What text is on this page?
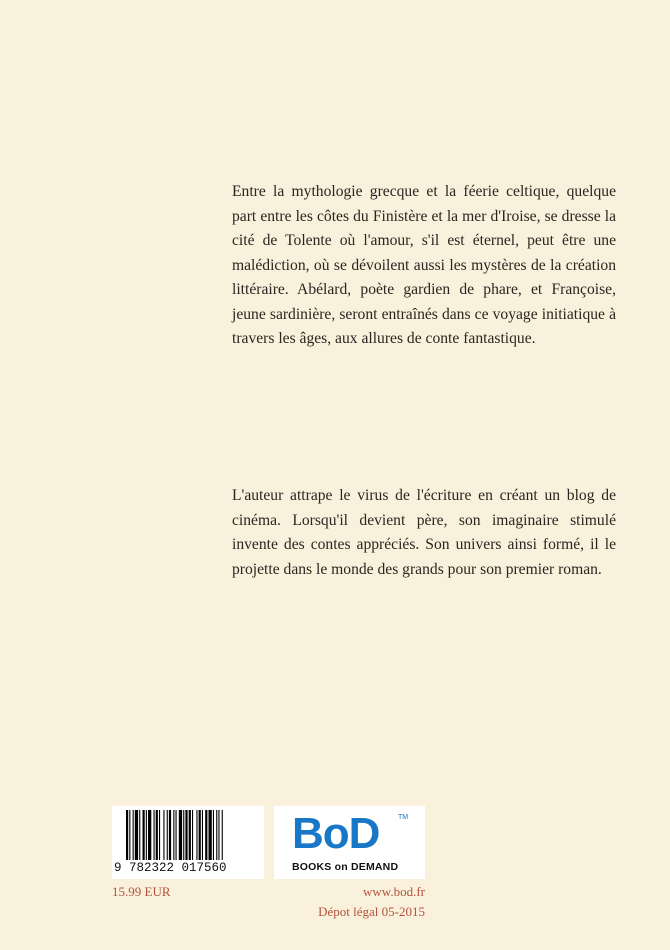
Entre la mythologie grecque et la féerie celtique, quelque part entre les côtes du Finistère et la mer d'Iroise, se dresse la cité de Tolente où l'amour, s'il est éternel, peut être une malédiction, où se dévoilent aussi les mystères de la création littéraire. Abélard, poète gardien de phare, et Françoise, jeune sardinière, seront entraînés dans ce voyage initiatique à travers les âges, aux allures de conte fantastique.

L'auteur attrape le virus de l'écriture en créant un blog de cinéma. Lorsqu'il devient père, son imaginaire stimulé invente des contes appréciés. Son univers ainsi formé, il le projette dans le monde des grands pour son premier roman.

9 782322 017560
BoD	TM
BOOKS on DEMAND
15.99 EUR	www.bod.fr
Dépot légal 05-2015
